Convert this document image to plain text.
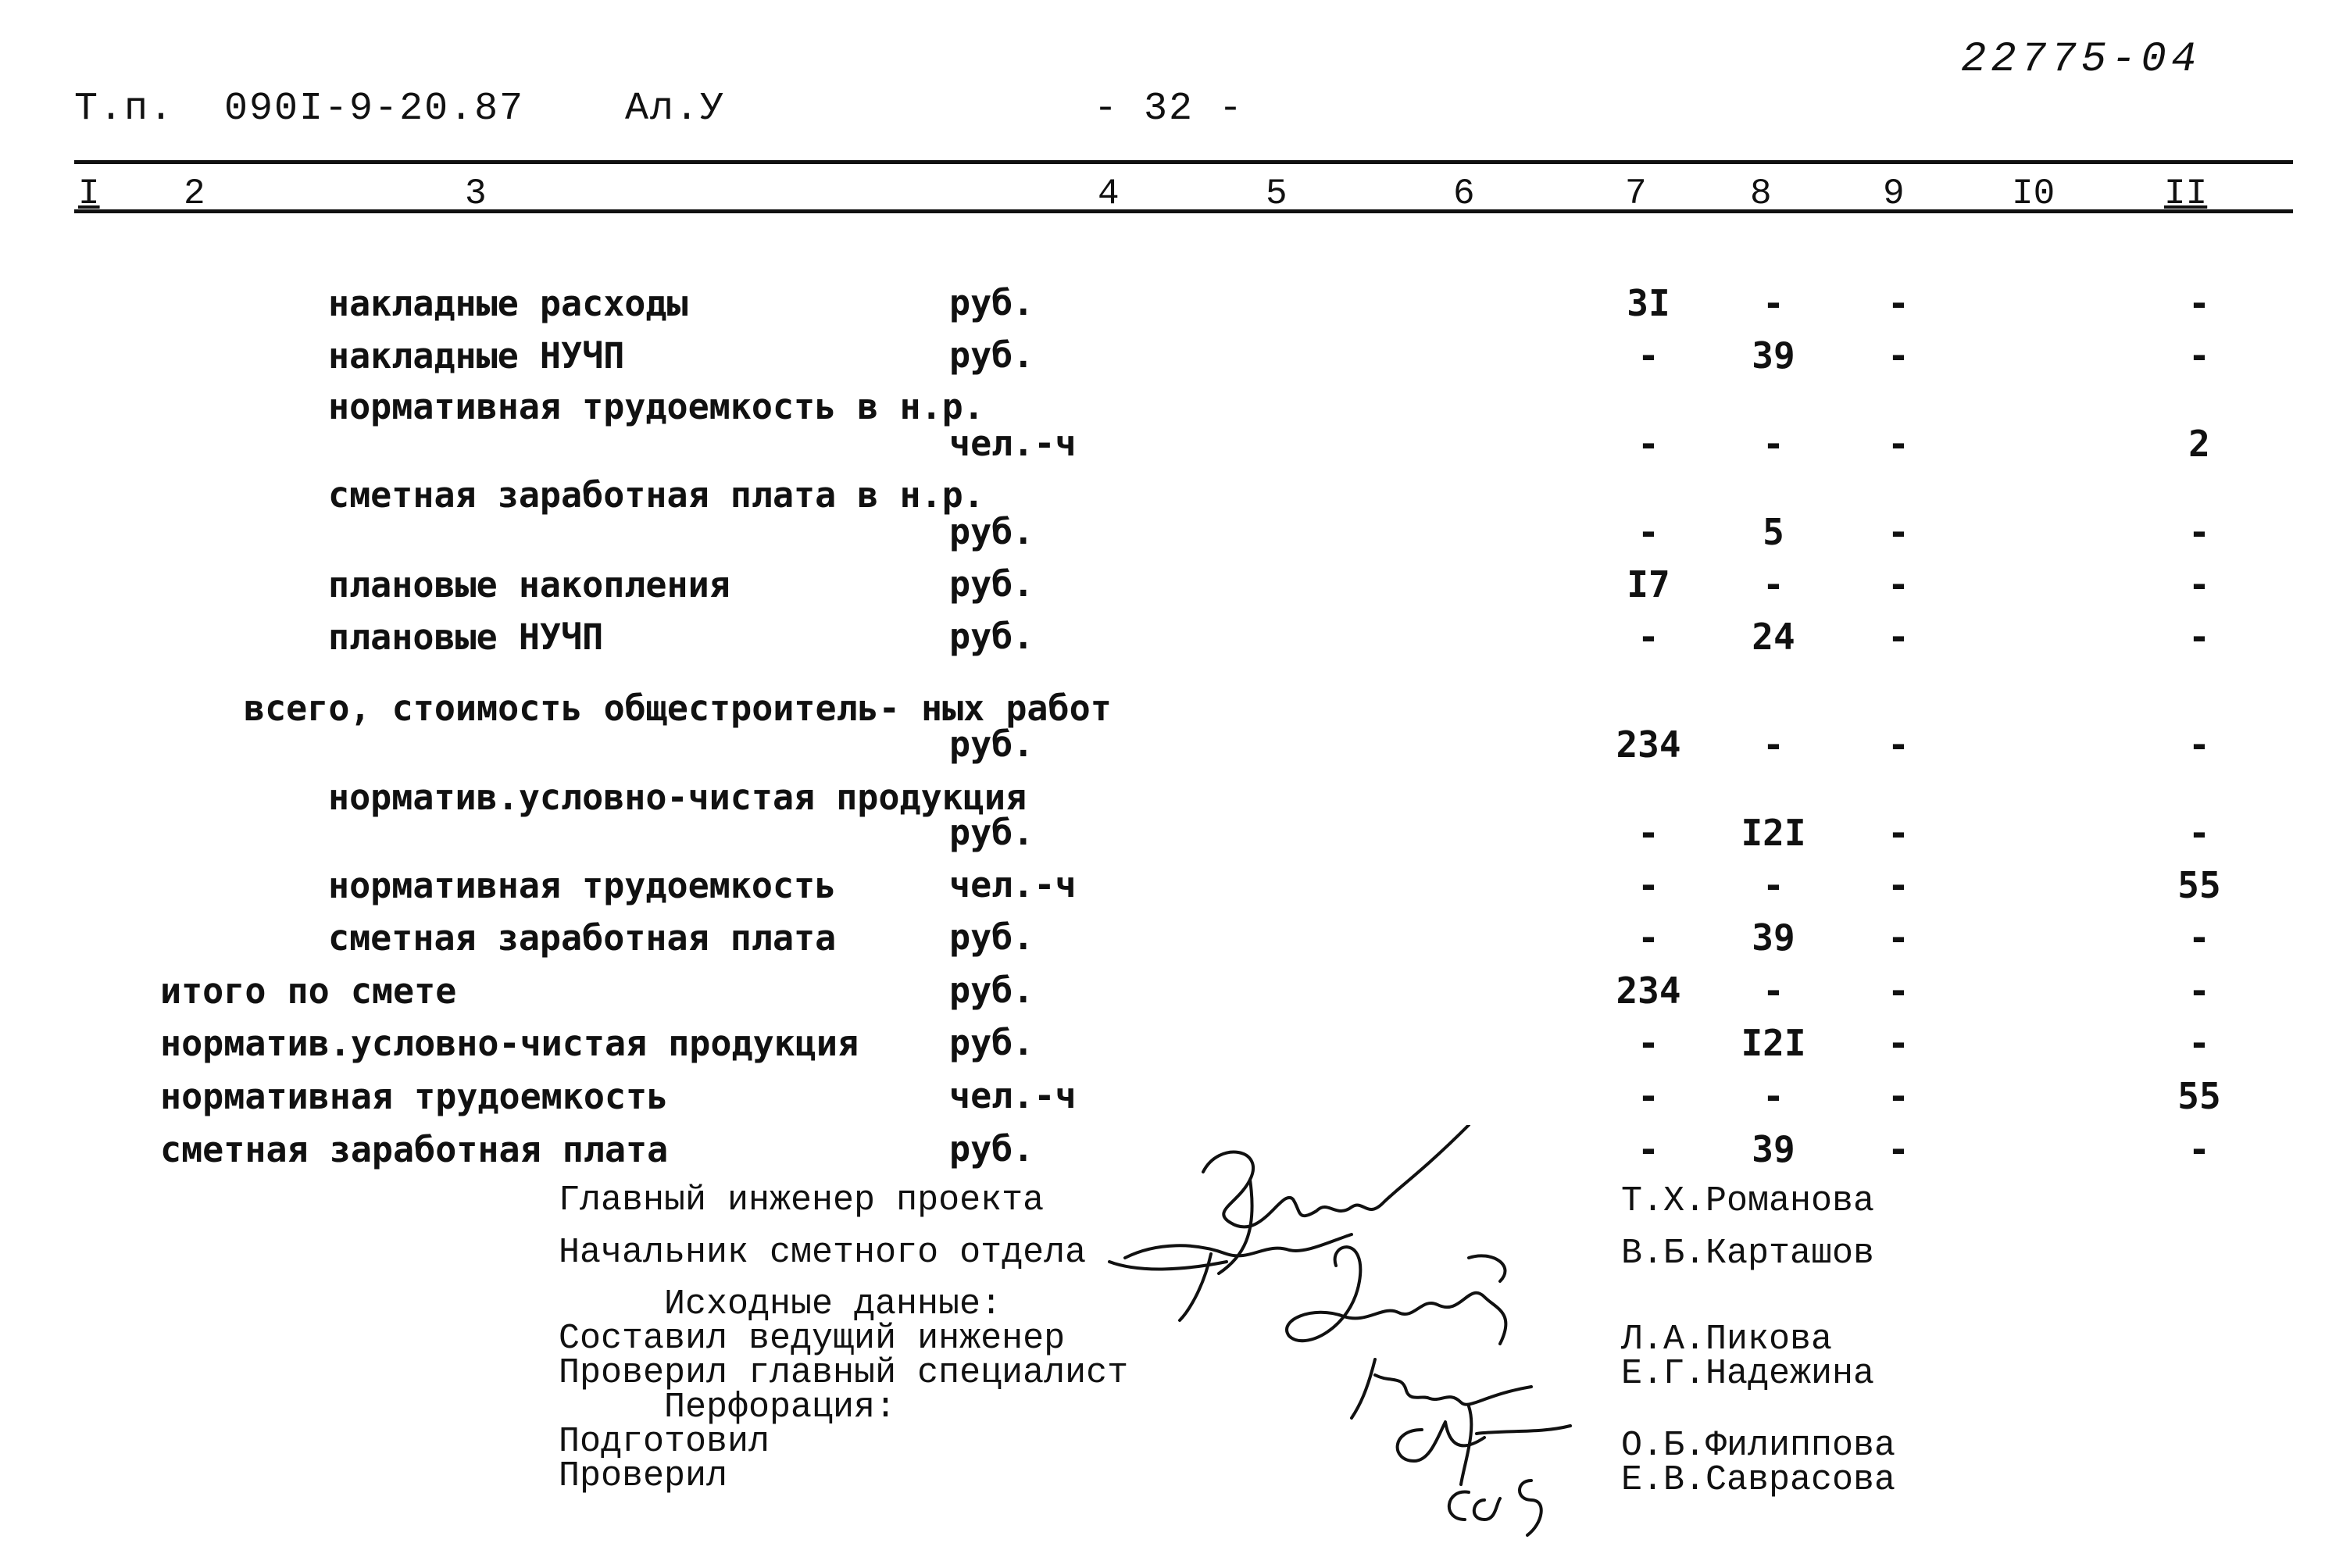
Т.п.  090I-9-20.87	Ал.У	- 32 -
22775-04
I 2	3	4	5	6	7	8	9	I0	II
накладные расходы	руб.	3I	-	-	-
накладные НУЧП	руб.	-	39	-	-
нормативная трудоемкость в н.р.
чел.-ч	-	-	-	2
сметная заработная плата в н.р.
руб.	-	5	-	-
плановые накопления	руб.	I7	-	-	-
плановые НУЧП	руб.	-	24	-	-
всего, стоимость общестроитель- ных работ
руб.	234	-	-	-
норматив.условно-чистая продукция
руб.	-	I2I	-	-
нормативная трудоемкость	чел.-ч	-	-	-	55
сметная заработная плата	руб.	-	39	-	-
итого по смете	руб.	234	-	-	-
норматив.условно-чистая продукция	руб.	-	I2I	-	-
нормативная трудоемкость	чел.-ч	-	-	-	55
сметная заработная плата	руб.	-	39	-	-
Главный инженер проекта	Т.Х.Романова
Начальник сметного отдела	В.Б.Карташов
Исходные данные:
Составил ведущий инженер	Л.А.Пикова
Проверил главный специалист	Е.Г.Надежина
Перфорация:
Подготовил	О.Б.Филиппова
Проверил	Е.В.Саврасова
